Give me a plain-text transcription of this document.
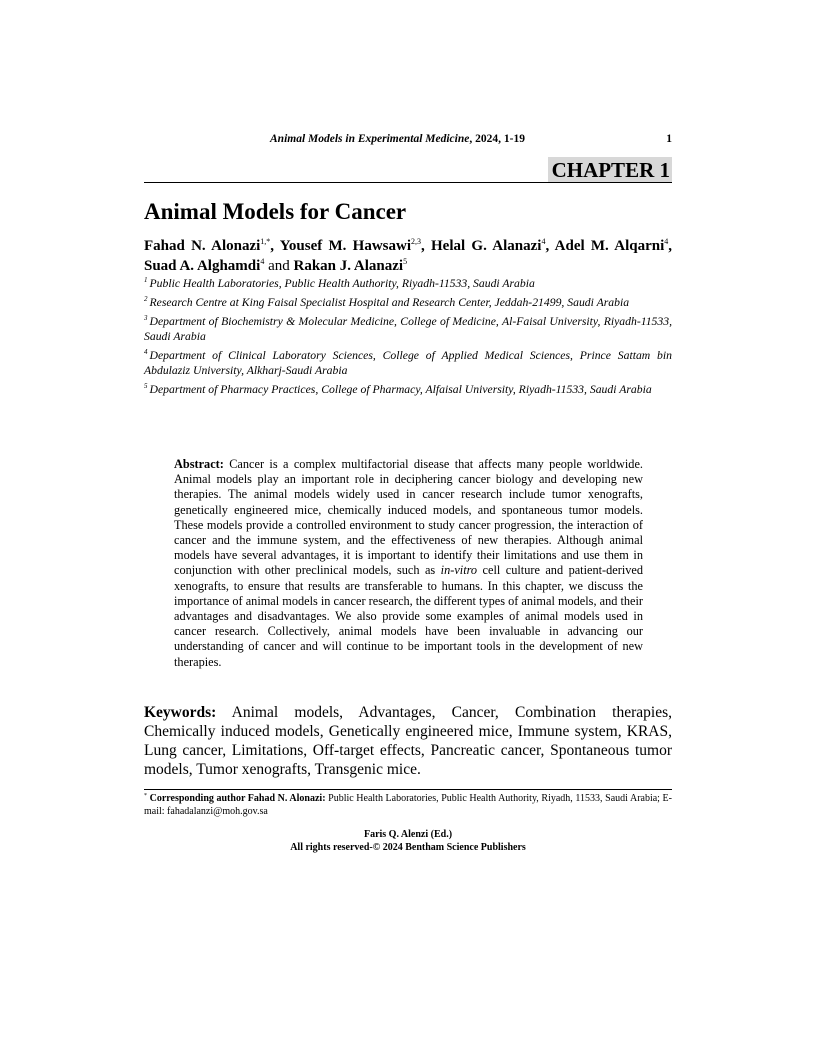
Animal Models in Experimental Medicine, 2024, 1-19	1
CHAPTER 1
Animal Models for Cancer
Fahad N. Alonazi$^{1,*}$, Yousef M. Hawsawi$^{2,3}$, Helal G. Alanazi$^4$, Adel M. Alqarni$^4$, Suad A. Alghamdi$^4$ and Rakan J. Alanazi$^5$
$^1$ Public Health Laboratories, Public Health Authority, Riyadh-11533, Saudi Arabia
$^2$ Research Centre at King Faisal Specialist Hospital and Research Center, Jeddah-21499, Saudi Arabia
$^3$ Department of Biochemistry & Molecular Medicine, College of Medicine, Al-Faisal University, Riyadh-11533, Saudi Arabia
$^4$ Department of Clinical Laboratory Sciences, College of Applied Medical Sciences, Prince Sattam bin Abdulaziz University, Alkharj-Saudi Arabia
$^5$ Department of Pharmacy Practices, College of Pharmacy, Alfaisal University, Riyadh-11533, Saudi Arabia
Abstract: Cancer is a complex multifactorial disease that affects many people worldwide. Animal models play an important role in deciphering cancer biology and developing new therapies. The animal models widely used in cancer research include tumor xenografts, genetically engineered mice, chemically induced models, and spontaneous tumor models. These models provide a controlled environment to study cancer progression, the interaction of cancer and the immune system, and the effectiveness of new therapies. Although animal models have several advantages, it is important to identify their limitations and use them in conjunction with other preclinical models, such as in-vitro cell culture and patient-derived xenografts, to ensure that results are transferable to humans. In this chapter, we discuss the importance of animal models in cancer research, the different types of animal models, and their advantages and disadvantages. We also provide some examples of animal models used in cancer research. Collectively, animal models have been invaluable in advancing our understanding of cancer and will continue to be important tools in the development of new therapies.
Keywords: Animal models, Advantages, Cancer, Combination therapies, Chemically induced models, Genetically engineered mice, Immune system, KRAS, Lung cancer, Limitations, Off-target effects, Pancreatic cancer, Spontaneous tumor models, Tumor xenografts, Transgenic mice.
* Corresponding author Fahad N. Alonazi: Public Health Laboratories, Public Health Authority, Riyadh, 11533, Saudi Arabia; E-mail: fahadalanzi@moh.gov.sa
Faris Q. Alenzi (Ed.)
All rights reserved-© 2024 Bentham Science Publishers
